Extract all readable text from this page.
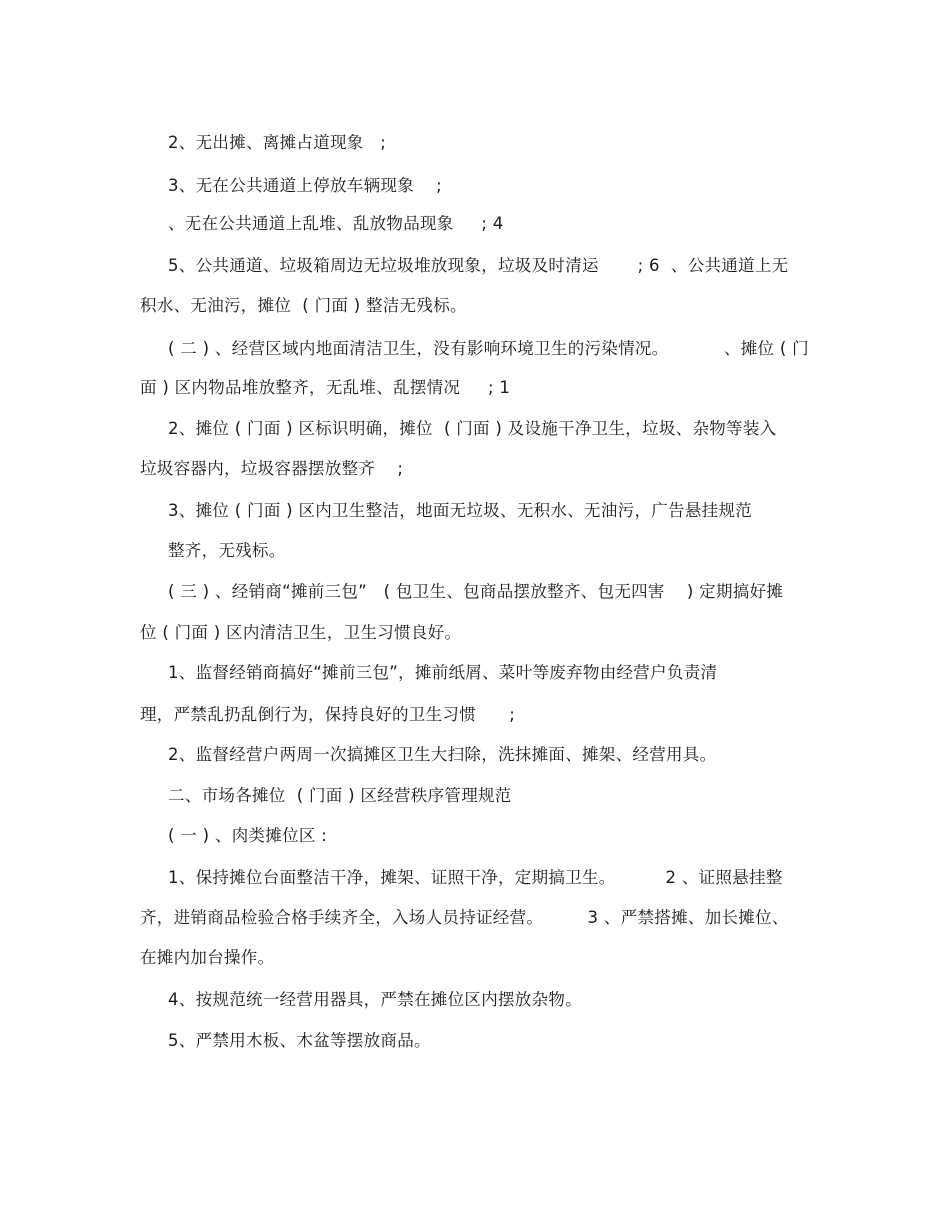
2、无出摊、离摊占道现象   ;
3、无在公共通道上停放车辆现象    ;
、无在公共通道上乱堆、乱放物品现象     ; 4
5、公共通道、垃圾箱周边无垃圾堆放现象，垃圾及时清运       ; 6  、公共通道上无
积水、无油污，摊位  ( 门面 ) 整洁无残标。
( 二 ) 、经营区域内地面清洁卫生，没有影响环境卫生的污染情况。          、摊位 ( 门
面 ) 区内物品堆放整齐，无乱堆、乱摆情况     ; 1
2、摊位 ( 门面 ) 区标识明确，摊位  ( 门面 ) 及设施干净卫生，垃圾、杂物等装入
垃圾容器内，垃圾容器摆放整齐    ;
3、摊位 ( 门面 ) 区内卫生整洁，地面无垃圾、无积水、无油污，广告悬挂规范
整齐，无残标。
( 三 ) 、经销商“摊前三包”   ( 包卫生、包商品摆放整齐、包无四害    ) 定期搞好摊
位 ( 门面 ) 区内清洁卫生，卫生习惯良好。
1、监督经销商搞好“摊前三包”，摊前纸屑、菜叶等废弃物由经营户负责清
理，严禁乱扔乱倒行为，保持良好的卫生习惯      ;
2、监督经营户两周一次搞摊区卫生大扫除，洗抹摊面、摊架、经营用具。
二、市场各摊位  ( 门面 ) 区经营秩序管理规范
( 一 ) 、肉类摊位区 :
1、保持摊位台面整洁干净，摊架、证照干净，定期搞卫生。         2 、证照悬挂整
齐，进销商品检验合格手续齐全，入场人员持证经营。        3 、严禁搭摊、加长摊位、
在摊内加台操作。
4、按规范统一经营用器具，严禁在摊位区内摆放杂物。
5、严禁用木板、木盆等摆放商品。
